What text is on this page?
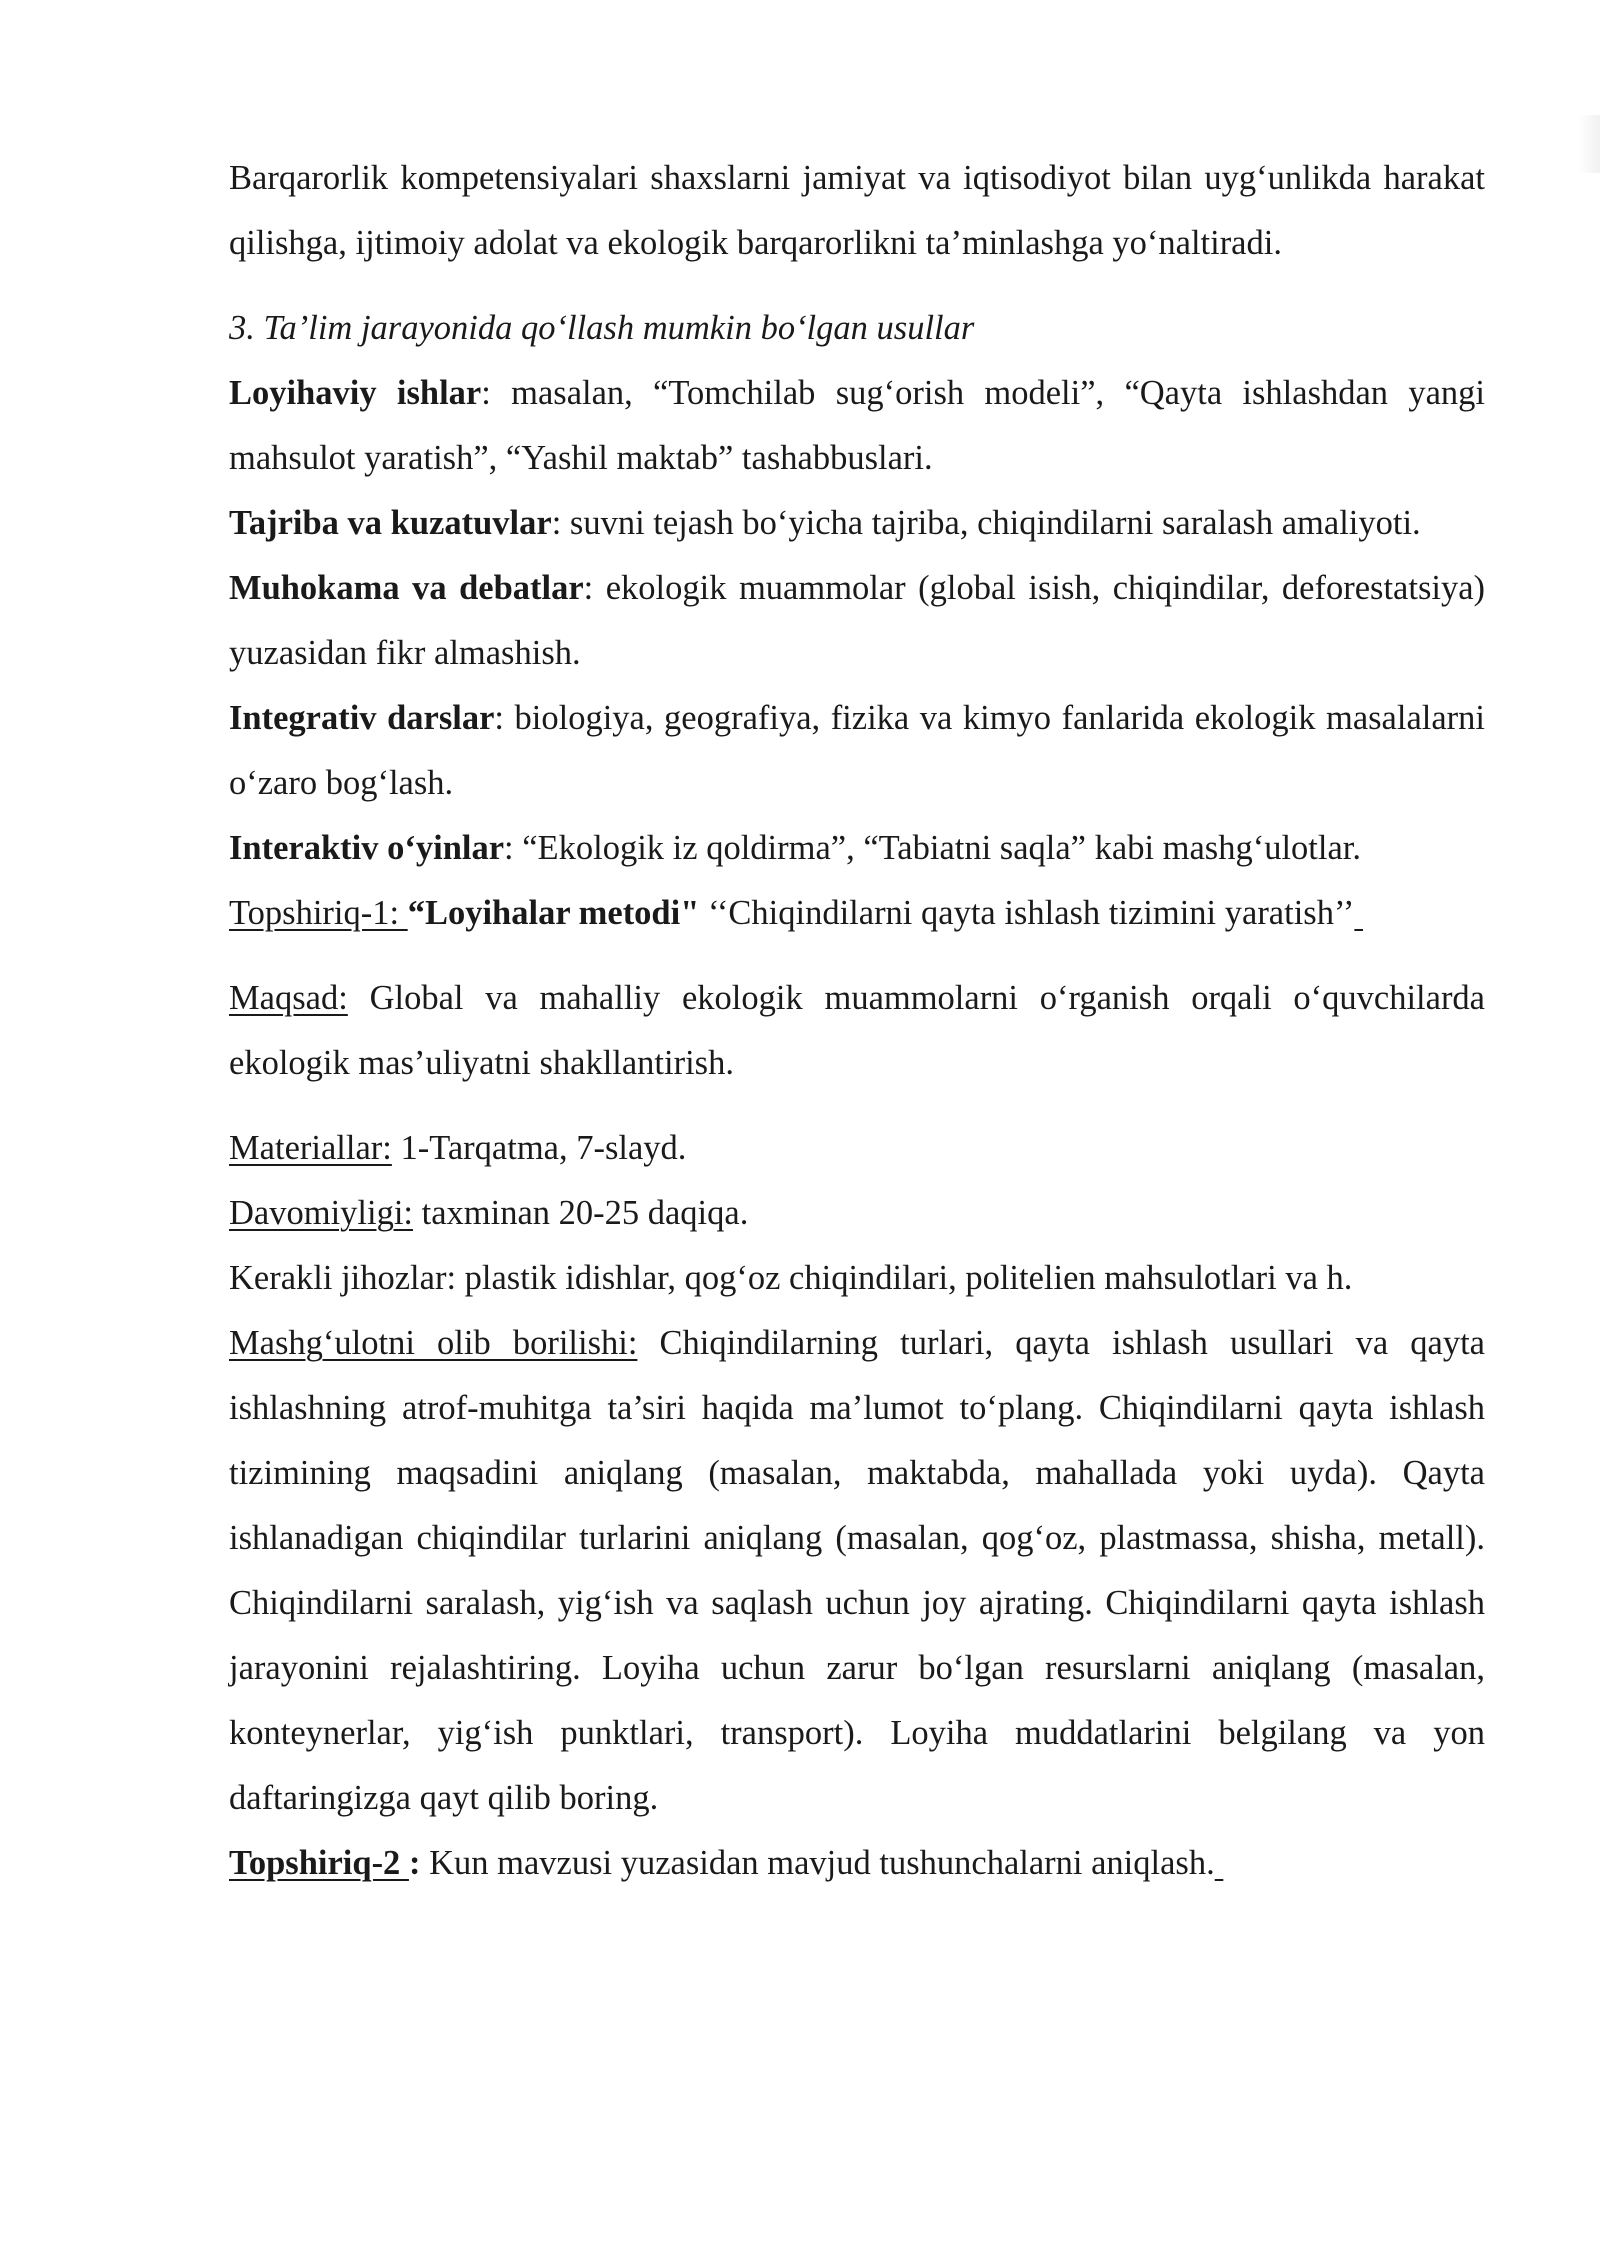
Barqarorlik kompetensiyalari shaxslarni jamiyat va iqtisodiyot bilan uyg‘unlikda harakat qilishga, ijtimoiy adolat va ekologik barqarorlikni ta’minlashga yo‘naltiradi.

3. Ta’lim jarayonida qo‘llash mumkin bo‘lgan usullar

Loyihaviy ishlar: masalan, “Tomchilab sug‘orish modeli”, “Qayta ishlashdan yangi mahsulot yaratish”, “Yashil maktab” tashabbuslari.

Tajriba va kuzatuvlar: suvni tejash bo‘yicha tajriba, chiqindilarni saralash amaliyoti.

Muhokama va debatlar: ekologik muammolar (global isish, chiqindilar, deforestatsiya) yuzasidan fikr almashish.

Integrativ darslar: biologiya, geografiya, fizika va kimyo fanlarida ekologik masalalarni o‘zaro bog‘lash.

Interaktiv o‘yinlar: “Ekologik iz qoldirma”, “Tabiatni saqla” kabi mashg‘ulotlar.

Topshiriq-1: “Loyihalar metodi" ‘‘Chiqindilarni qayta ishlash tizimini yaratish’’

Maqsad: Global va mahalliy ekologik muammolarni o‘rganish orqali o‘quvchilarda ekologik mas’uliyatni shakllantirish.

Materiallar: 1-Tarqatma, 7-slayd.

Davomiyligi: taxminan 20-25 daqiqa.

Kerakli jihozlar: plastik idishlar, qog‘oz chiqindilari, politelien mahsulotlari va h.

Mashg‘ulotni olib borilishi: Chiqindilarning turlari, qayta ishlash usullari va qayta ishlashning atrof-muhitga ta’siri haqida ma’lumot to‘plang. Chiqindilarni qayta ishlash tizimining maqsadini aniqlang (masalan, maktabda, mahallada yoki uyda). Qayta ishlanadigan chiqindilar turlarini aniqlang (masalan, qog‘oz, plastmassa, shisha, metall). Chiqindilarni saralash, yig‘ish va saqlash uchun joy ajrating. Chiqindilarni qayta ishlash jarayonini rejalashtiring. Loyiha uchun zarur bo‘lgan resurslarni aniqlang (masalan, konteynerlar, yig‘ish punktlari, transport). Loyiha muddatlarini belgilang va yon daftaringizga qayt qilib boring.

Topshiriq-2 : Kun mavzusi yuzasidan mavjud tushunchalarni aniqlash.
